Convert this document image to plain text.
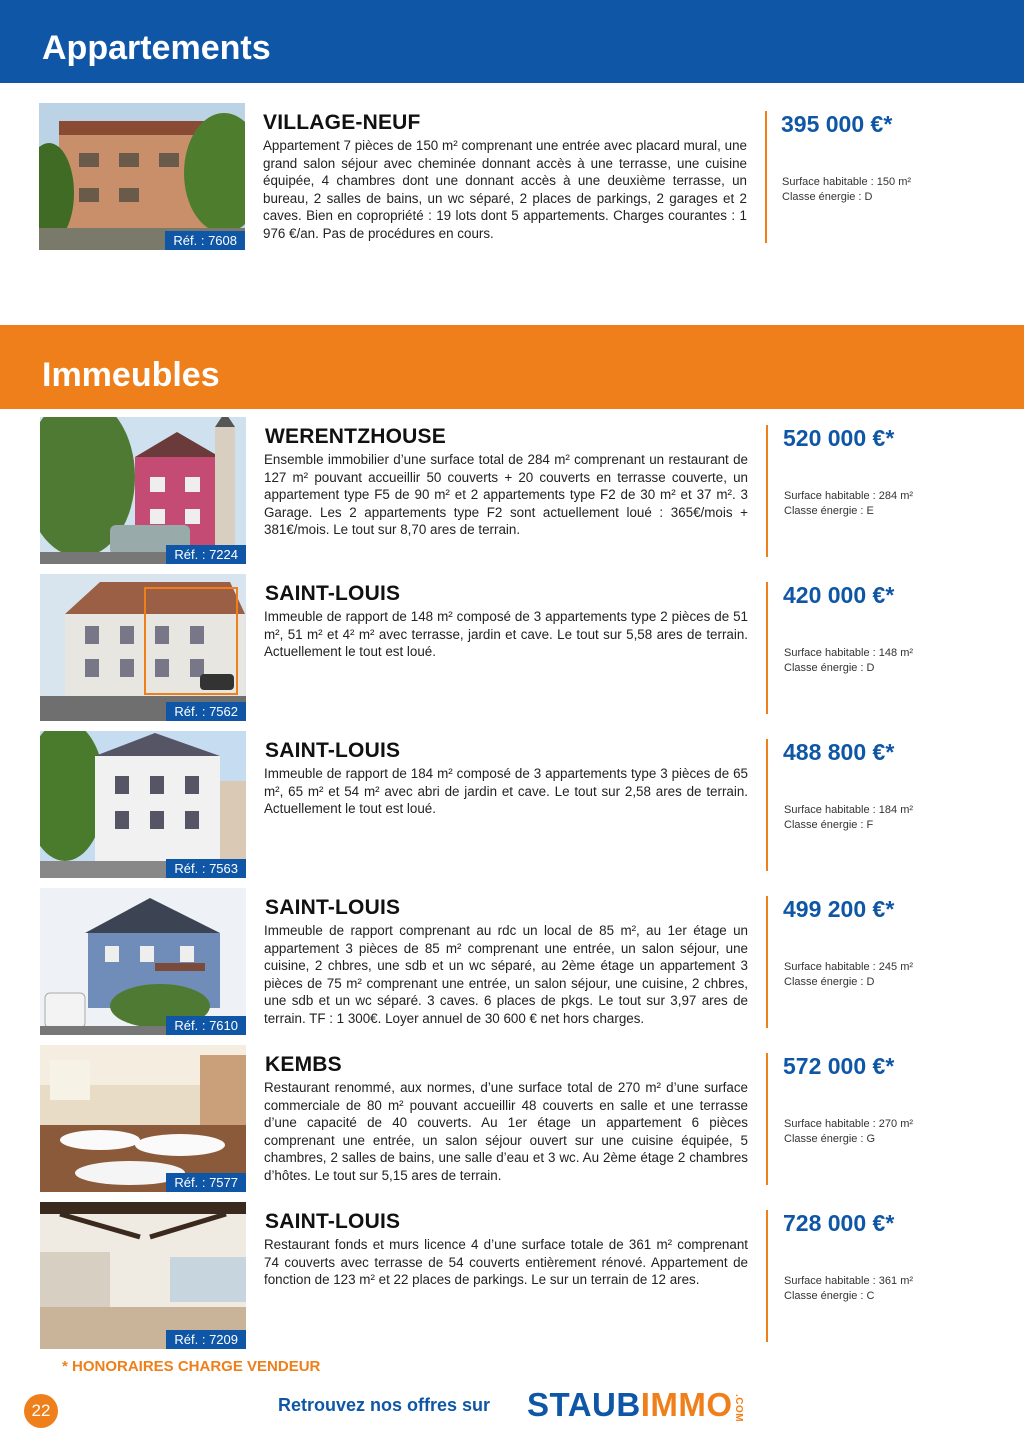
Appartements
Immeubles
Réf. : 7608
VILLAGE-NEUF
Appartement 7 pièces de 150 m² comprenant une entrée avec placard mural, une grand salon séjour avec cheminée donnant accès à une terrasse, une cuisine équipée, 4 chambres dont une donnant accès à une deuxième terrasse, un bureau, 2 salles de bains, un wc séparé, 2 places de parkings, 2 garages et 2 caves. Bien en copropriété : 19 lots dont 5 appartements. Charges courantes : 1 976 €/an. Pas de procédures en cours.
395 000 €*
Surface habitable : 150 m²
Classe énergie : D
Réf. : 7224
WERENTZHOUSE
Ensemble immobilier d’une surface total de 284 m² comprenant un restaurant de 127 m² pouvant accueillir 50 couverts + 20 couverts en terrasse couverte, un appartement type F5 de 90 m² et 2 appartements type F2 de 30 m² et 37 m². 3 Garage. Les 2 appartements type F2 sont actuellement loué : 365€/mois + 381€/mois. Le tout sur 8,70 ares de terrain.
520 000 €*
Surface habitable : 284 m²
Classe énergie : E
Réf. : 7562
SAINT-LOUIS
Immeuble de rapport de 148 m² composé de 3 appartements type 2 pièces de 51 m², 51 m² et 4² m² avec terrasse, jardin et cave. Le tout sur 5,58 ares de terrain. Actuellement le tout est loué.
420 000 €*
Surface habitable : 148 m²
Classe énergie : D
Réf. : 7563
SAINT-LOUIS
Immeuble de rapport de 184 m² composé de 3 appartements type 3 pièces de 65 m², 65 m² et 54 m² avec abri de jardin et cave. Le tout sur 2,58 ares de terrain. Actuellement le tout est loué.
488 800 €*
Surface habitable : 184 m²
Classe énergie : F
Réf. : 7610
SAINT-LOUIS
Immeuble de rapport comprenant au rdc un local de 85 m², au 1er étage un appartement 3 pièces de 85 m² comprenant une entrée, un salon séjour, une cuisine, 2 chbres, une sdb et un wc séparé, au 2ème étage un appartement 3 pièces de 75 m² comprenant une entrée, un salon séjour, une cuisine, 2 chbres, une sdb et un wc séparé. 3 caves. 6 places de pkgs. Le tout sur 3,97 ares de terrain. TF : 1 300€. Loyer annuel de 30 600 € net hors charges.
499 200 €*
Surface habitable : 245 m²
Classe énergie : D
Réf. : 7577
KEMBS
Restaurant renommé, aux normes, d’une surface total de 270 m² d’une surface commerciale de 80 m² pouvant accueillir 48 couverts en salle et une terrasse d’une capacité de 40 couverts. Au 1er étage un appartement 6 pièces comprenant une entrée, un salon séjour ouvert sur une cuisine équipée, 5 chambres, 2 salles de bains, une salle d’eau et 3 wc. Au 2ème étage 2 chambres d’hôtes. Le tout sur 5,15 ares de terrain.
572 000 €*
Surface habitable : 270 m²
Classe énergie : G
Réf. : 7209
SAINT-LOUIS
Restaurant fonds et murs licence 4 d’une surface totale de 361 m² comprenant 74 couverts avec terrasse de 54 couverts entièrement rénové. Appartement de fonction de 123 m² et 22 places de parkings. Le sur un terrain de 12 ares.
728 000 €*
Surface habitable : 361 m²
Classe énergie : C
* HONORAIRES CHARGE VENDEUR
22	Retrouvez nos offres sur STAUBIMMO .COM
